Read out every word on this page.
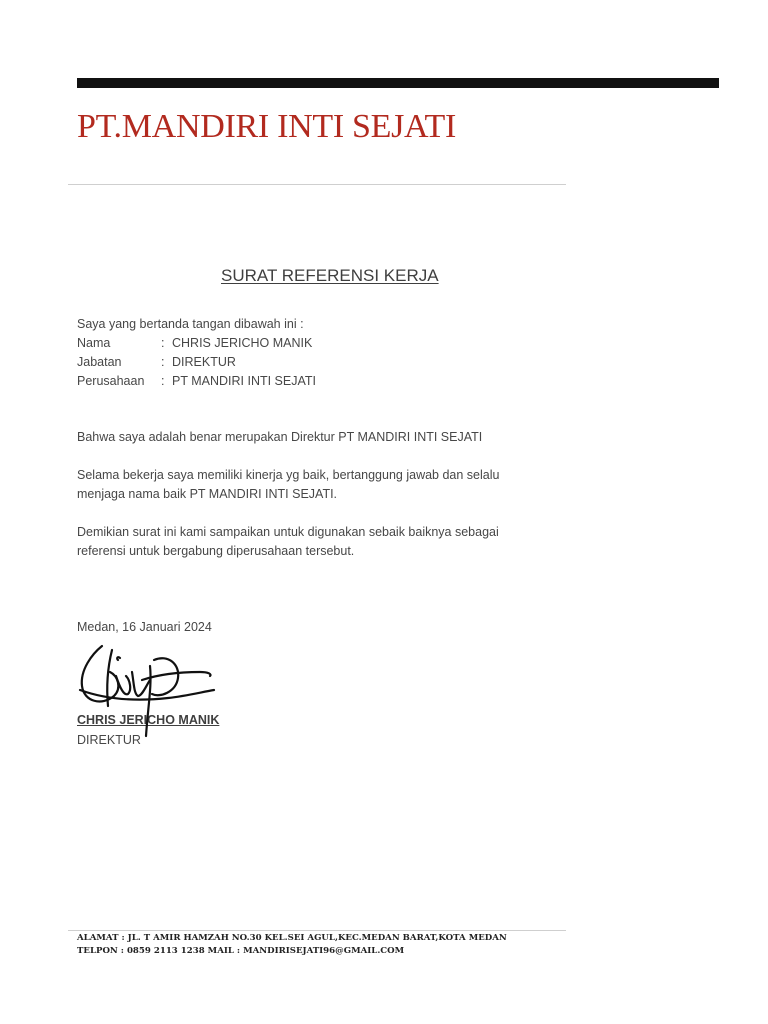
PT.MANDIRI INTI SEJATI
SURAT REFERENSI KERJA
Saya yang bertanda tangan dibawah ini :
Nama	: CHRIS JERICHO MANIK
Jabatan	: DIREKTUR
Perusahaan	: PT MANDIRI INTI SEJATI
Bahwa saya adalah benar merupakan Direktur PT MANDIRI INTI SEJATI
Selama bekerja saya memiliki kinerja yg baik, bertanggung jawab dan selalu menjaga nama baik PT MANDIRI INTI SEJATI.
Demikian surat ini kami sampaikan untuk digunakan sebaik baiknya sebagai referensi untuk bergabung diperusahaan tersebut.
Medan, 16 Januari 2024
CHRIS JERICHO MANIK
DIREKTUR
ALAMAT : JL. T AMIR HAMZAH NO.30 KEL.SEI AGUL,KEC.MEDAN BARAT,KOTA MEDAN
TELPON : 0859 2113 1238 MAIL : MANDIRISEJATI96@GMAIL.COM
